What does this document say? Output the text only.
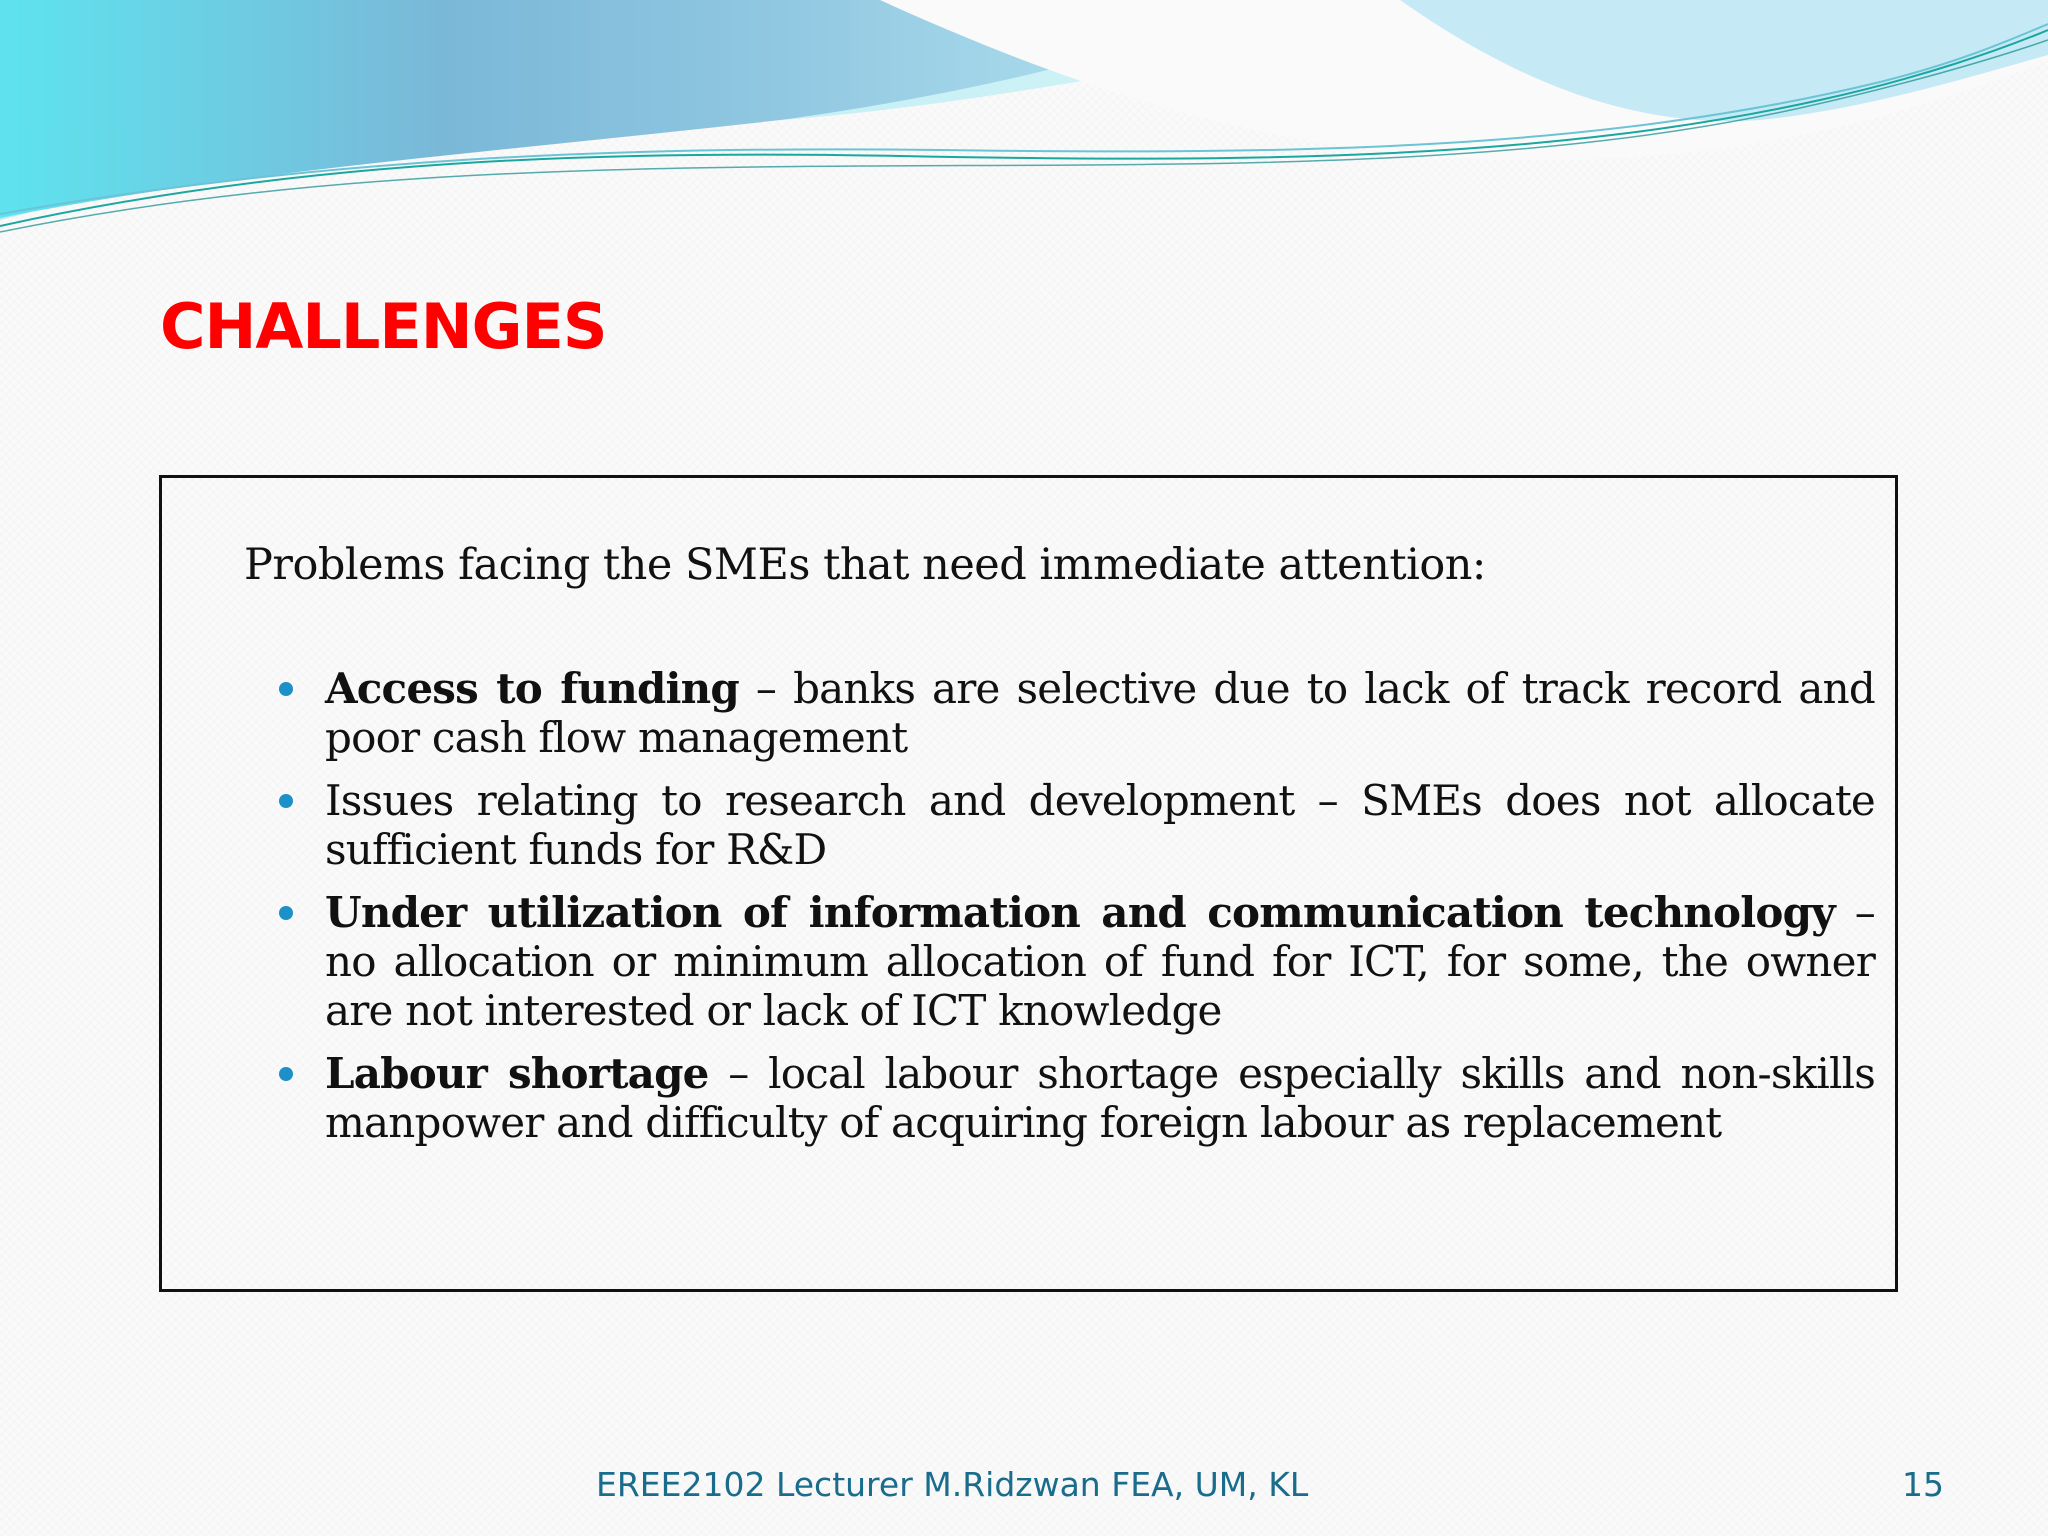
CHALLENGES
Problems facing the SMEs that need immediate attention:
Access to funding – banks are selective due to lack of track record and poor cash flow management
Issues relating to research and development – SMEs does not allocate sufficient funds for R&D
Under utilization of information and communication technology – no allocation or minimum allocation of fund for ICT, for some, the owner are not interested or lack of ICT knowledge
Labour shortage – local labour shortage especially skills and non-skills manpower and difficulty of acquiring foreign labour as replacement
EREE2102 Lecturer M.Ridzwan FEA, UM, KL	15
